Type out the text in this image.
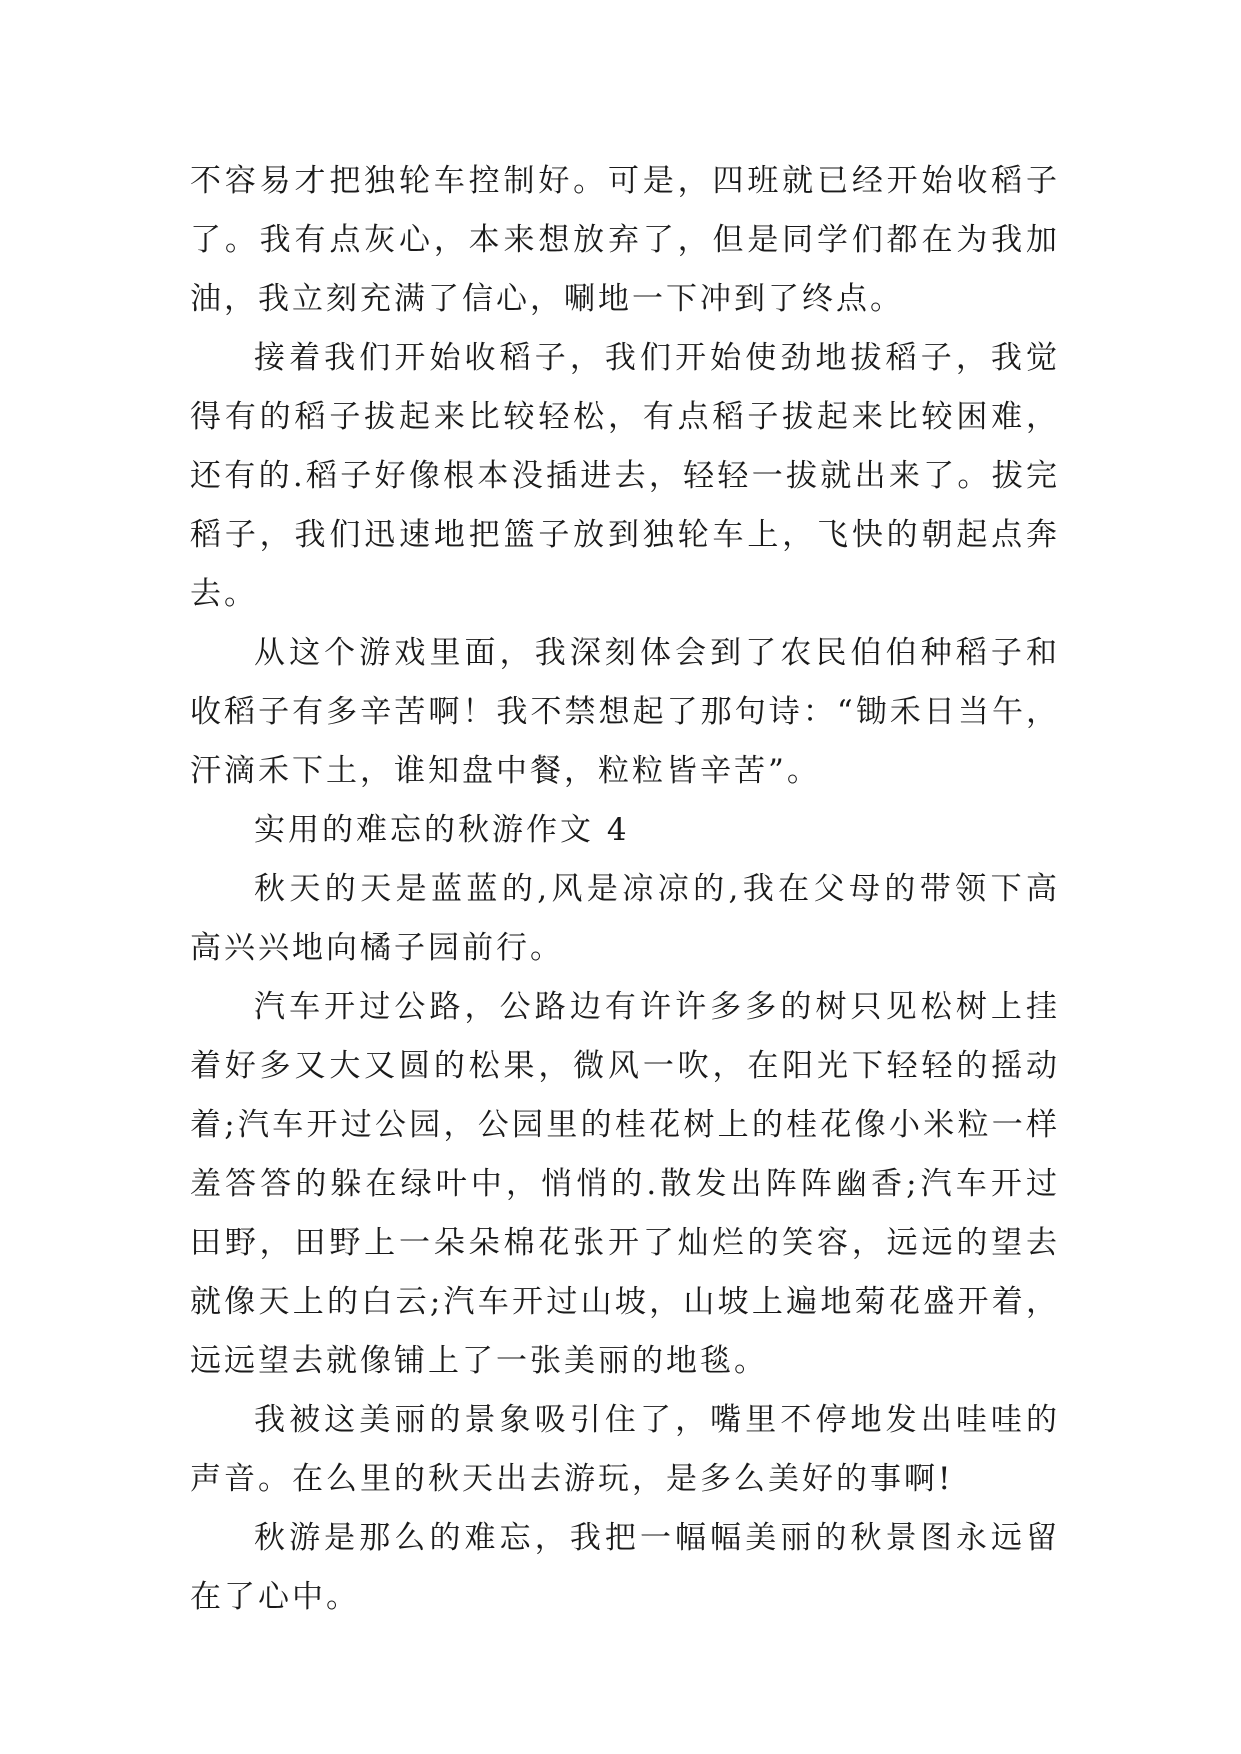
不容易才把独轮车控制好。可是，四班就已经开始收稻子了。我有点灰心，本来想放弃了，但是同学们都在为我加油，我立刻充满了信心，唰地一下冲到了终点。

接着我们开始收稻子，我们开始使劲地拔稻子，我觉得有的稻子拔起来比较轻松，有点稻子拔起来比较困难，还有的.稻子好像根本没插进去，轻轻一拔就出来了。拔完稻子，我们迅速地把篮子放到独轮车上，飞快的朝起点奔去。

从这个游戏里面，我深刻体会到了农民伯伯种稻子和收稻子有多辛苦啊！我不禁想起了那句诗：“锄禾日当午，汗滴禾下土，谁知盘中餐，粒粒皆辛苦”。

实用的难忘的秋游作文 4

秋天的天是蓝蓝的,风是凉凉的,我在父母的带领下高高兴兴地向橘子园前行。

汽车开过公路，公路边有许许多多的树只见松树上挂着好多又大又圆的松果，微风一吹，在阳光下轻轻的摇动着;汽车开过公园，公园里的桂花树上的桂花像小米粒一样羞答答的躲在绿叶中，悄悄的.散发出阵阵幽香;汽车开过田野，田野上一朵朵棉花张开了灿烂的笑容，远远的望去就像天上的白云;汽车开过山坡，山坡上遍地菊花盛开着，远远望去就像铺上了一张美丽的地毯。

我被这美丽的景象吸引住了，嘴里不停地发出哇哇的声音。在么里的秋天出去游玩，是多么美好的事啊!

秋游是那么的难忘，我把一幅幅美丽的秋景图永远留在了心中。
